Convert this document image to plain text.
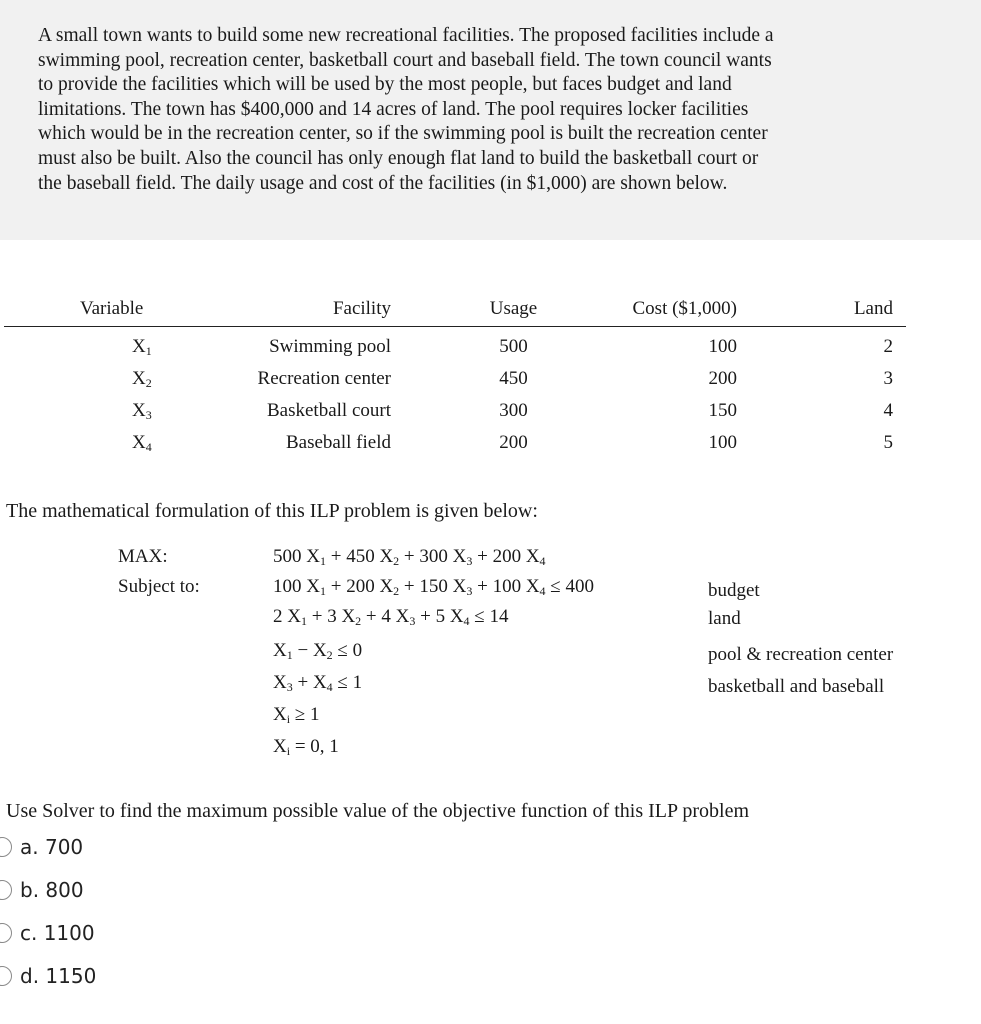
A small town wants to build some new recreational facilities. The proposed facilities include a
swimming pool, recreation center, basketball court and baseball field. The town council wants
to provide the facilities which will be used by the most people, but faces budget and land
limitations. The town has $400,000 and 14 acres of land. The pool requires locker facilities
which would be in the recreation center, so if the swimming pool is built the recreation center
must also be built. Also the council has only enough flat land to build the basketball court or
the baseball field. The daily usage and cost of the facilities (in $1,000) are shown below.
Variable	Facility	Usage	Cost ($1,000)	Land
$X_1$	Swimming pool	500	100	2
$X_2$	Recreation center	450	200	3
$X_3$	Basketball court	300	150	4
$X_4$	Baseball field	200	100	5
The mathematical formulation of this ILP problem is given below:
MAX:
Subject to:
500 $X_1 + 450$ $X_2 + 300$ $X_3 + 200$ $X_4$
100 $X_1 + 200$ $X_2 + 150$ $X_3 + 100$ $X_4 \le 400$
2 $X_1 + 3$ $X_2 + 4$ $X_3 + 5$ $X_4 \le 14$
$X_1 - X_2 \le 0$
$X_3 + X_4 \le 1$
$X_i \ge 1$
$X_i = 0$, 1
budget
land
pool & recreation center
basketball and baseball
Use Solver to find the maximum possible value of the objective function of this ILP problem
a. 700
b. 800
c. 1100
d. 1150
